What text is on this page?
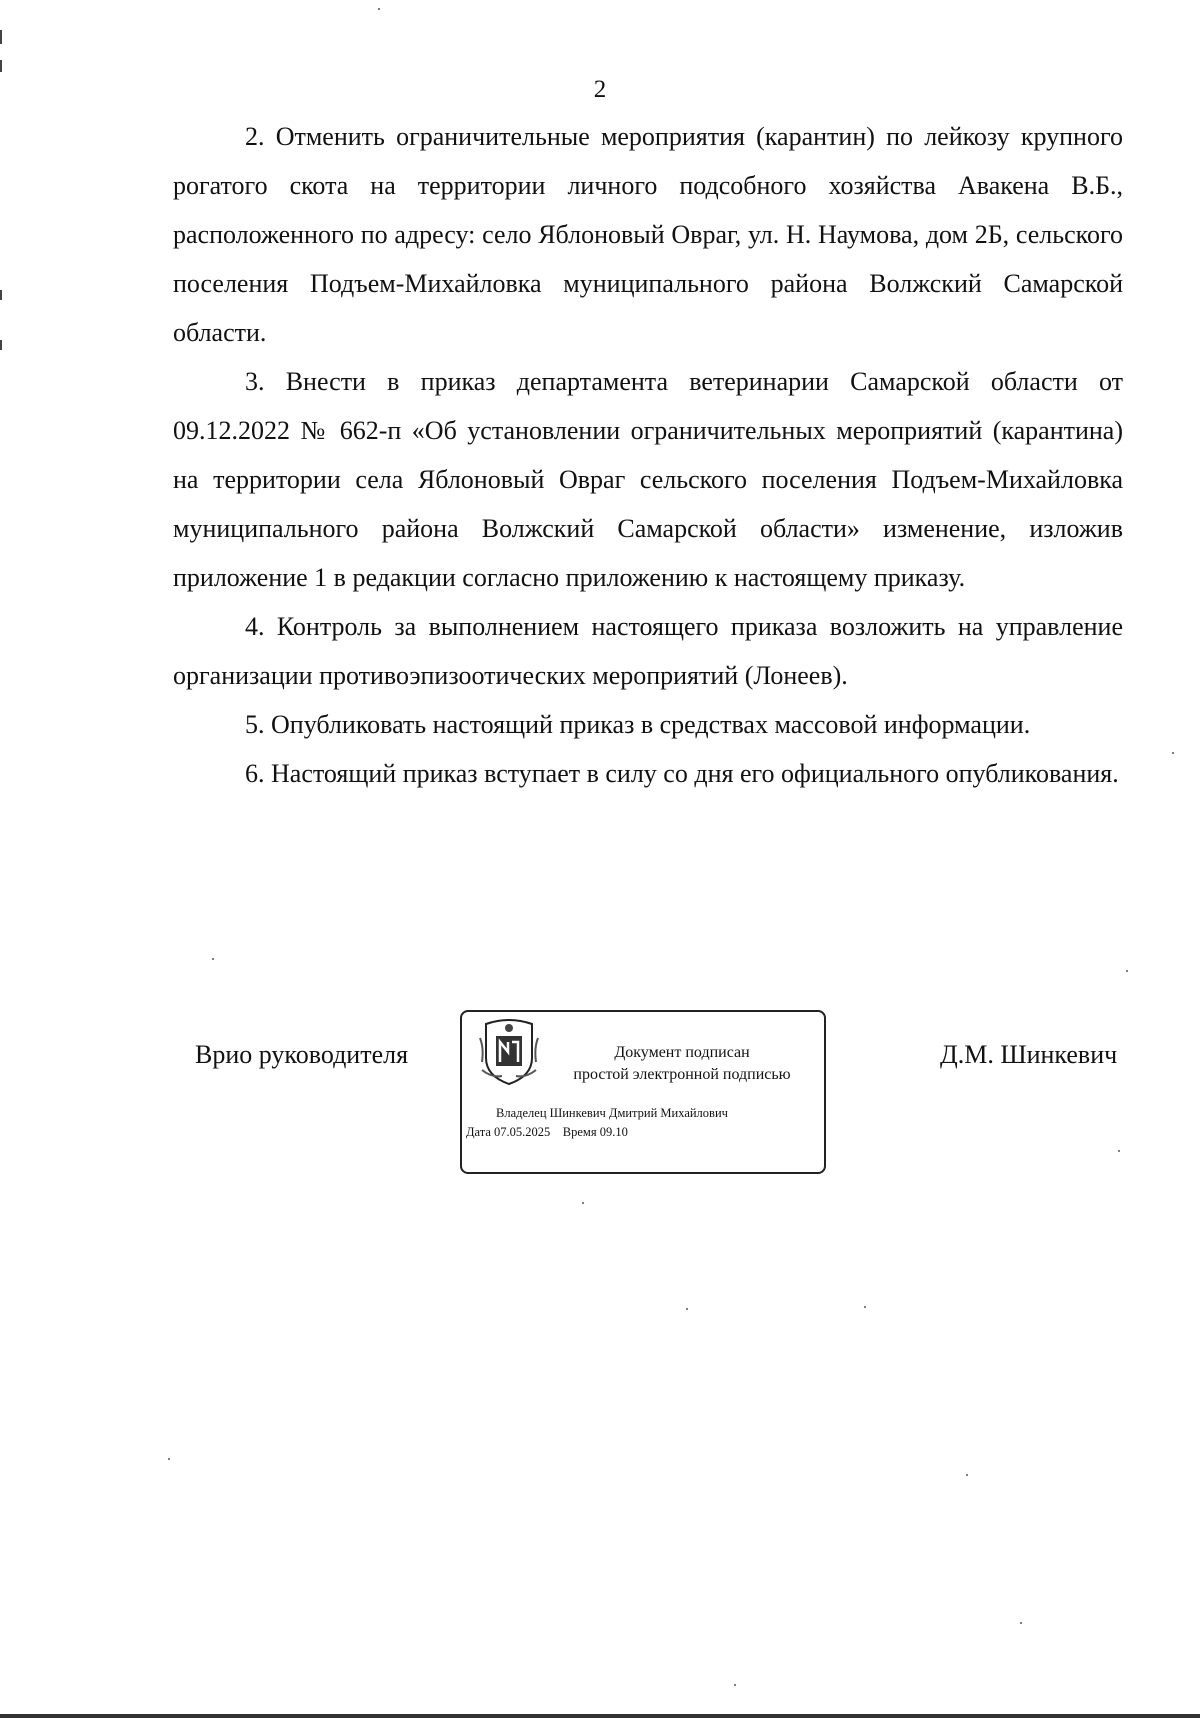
2

2. Отменить ограничительные мероприятия (карантин) по лейкозу крупного рогатого скота на территории личного подсобного хозяйства Авакена В.Б., расположенного по адресу: село Яблоновый Овраг, ул. Н. Наумова, дом 2Б, сельского поселения Подъем-Михайловка муниципального района Волжский Самарской области.

3. Внести в приказ департамента ветеринарии Самарской области от 09.12.2022 № 662-п «Об установлении ограничительных мероприятий (карантина) на территории села Яблоновый Овраг сельского поселения Подъем-Михайловка муниципального района Волжский Самарской области» изменение, изложив приложение 1 в редакции согласно приложению к настоящему приказу.

4. Контроль за выполнением настоящего приказа возложить на управление организации противоэпизоотических мероприятий (Лонеев).

5. Опубликовать настоящий приказ в средствах массовой информации.

6. Настоящий приказ вступает в силу со дня его официального опубликования.

Врио руководителя	Документ подписан
простой электронной подписью
Владелец Шинкевич Дмитрий Михайлович
Дата 07.05.2025    Время 09.10
Д.М. Шинкевич
